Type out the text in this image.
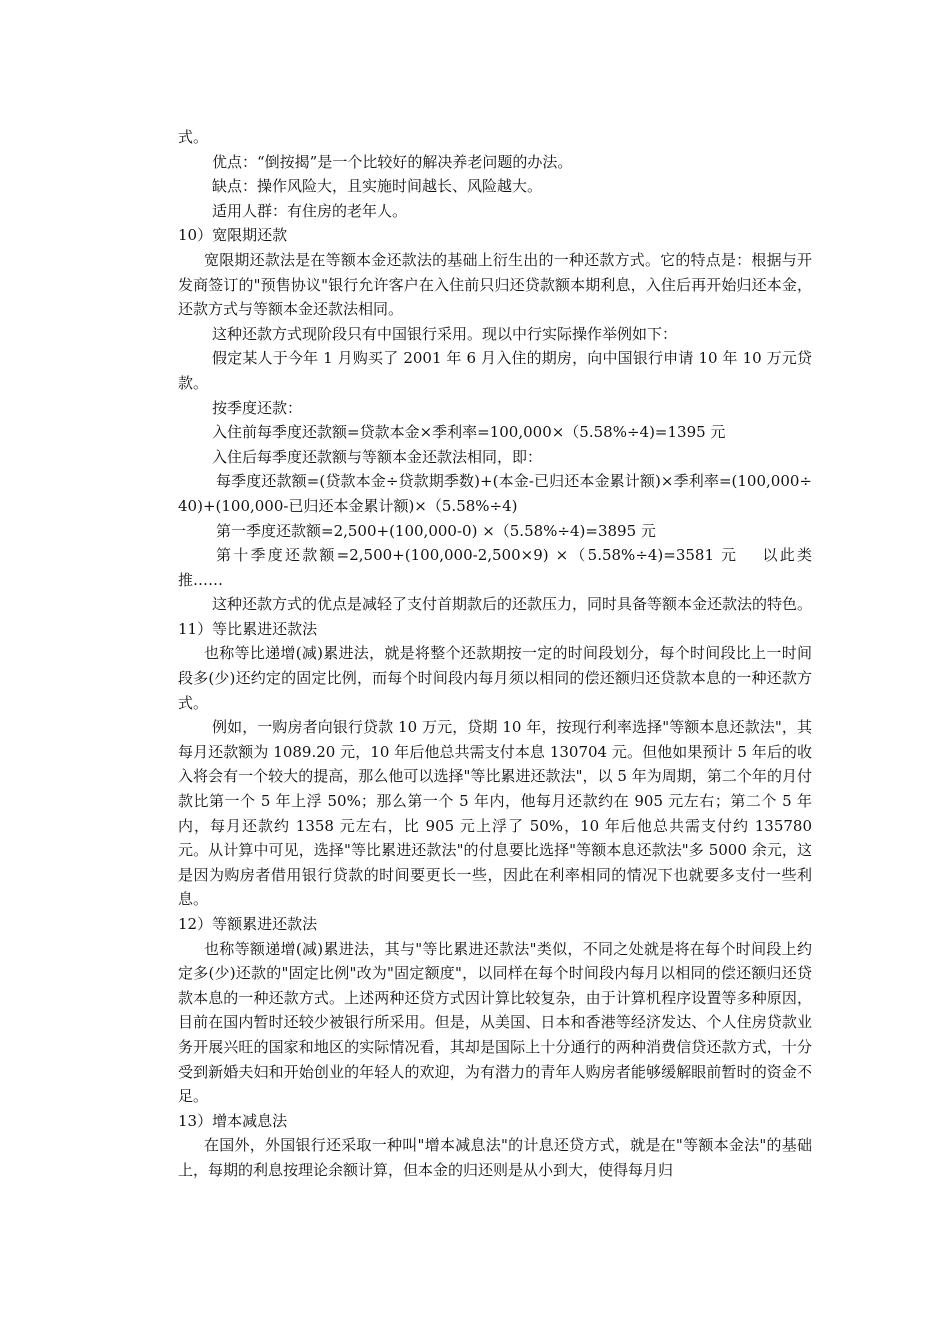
式。

优点：“倒按揭”是一个比较好的解决养老问题的办法。

缺点：操作风险大，且实施时间越长、风险越大。

适用人群：有住房的老年人。

10）宽限期还款

宽限期还款法是在等额本金还款法的基础上衍生出的一种还款方式。它的特点是：根据与开发商签订的"预售协议"银行允许客户在入住前只归还贷款额本期利息，入住后再开始归还本金，还款方式与等额本金还款法相同。

这种还款方式现阶段只有中国银行采用。现以中行实际操作举例如下：

假定某人于今年 1 月购买了 2001 年 6 月入住的期房，向中国银行申请 10 年 10 万元贷款。

按季度还款：

入住前每季度还款额=贷款本金×季利率=100,000×（5.58%÷4)=1395 元

入住后每季度还款额与等额本金还款法相同，即：

每季度还款额=(贷款本金÷贷款期季数)+(本金-已归还本金累计额)×季利率=(100,000÷40)+(100,000-已归还本金累计额)×（5.58%÷4)

第一季度还款额=2,500+(100,000-0) ×（5.58%÷4)=3895 元

第十季度还款额=2,500+(100,000-2,500×9) ×（5.58%÷4)=3581 元　 以此类推……

这种还款方式的优点是减轻了支付首期款后的还款压力，同时具备等额本金还款法的特色。

11）等比累进还款法

也称等比递增(减)累进法，就是将整个还款期按一定的时间段划分，每个时间段比上一时间段多(少)还约定的固定比例，而每个时间段内每月须以相同的偿还额归还贷款本息的一种还款方式。

例如，一购房者向银行贷款 10 万元，贷期 10 年，按现行利率选择"等额本息还款法"，其每月还款额为 1089.20 元，10 年后他总共需支付本息 130704 元。但他如果预计 5 年后的收入将会有一个较大的提高，那么他可以选择"等比累进还款法"，以 5 年为周期，第二个年的月付款比第一个 5 年上浮 50%；那么第一个 5 年内，他每月还款约在 905 元左右；第二个 5 年内，每月还款约 1358 元左右，比 905 元上浮了 50%，10 年后他总共需支付约 135780 元。从计算中可见，选择"等比累进还款法"的付息要比选择"等额本息还款法"多 5000 余元，这是因为购房者借用银行贷款的时间要更长一些，因此在利率相同的情况下也就要多支付一些利息。

12）等额累进还款法

也称等额递增(减)累进法，其与"等比累进还款法"类似，不同之处就是将在每个时间段上约定多(少)还款的"固定比例"改为"固定额度"，以同样在每个时间段内每月以相同的偿还额归还贷款本息的一种还款方式。上述两种还贷方式因计算比较复杂，由于计算机程序设置等多种原因，目前在国内暂时还较少被银行所采用。但是，从美国、日本和香港等经济发达、个人住房贷款业务开展兴旺的国家和地区的实际情况看，其却是国际上十分通行的两种消费信贷还款方式，十分受到新婚夫妇和开始创业的年轻人的欢迎，为有潜力的青年人购房者能够缓解眼前暂时的资金不足。

13）增本减息法

在国外，外国银行还采取一种叫"增本减息法"的计息还贷方式，就是在"等额本金法"的基础上，每期的利息按理论余额计算，但本金的归还则是从小到大，使得每月归
